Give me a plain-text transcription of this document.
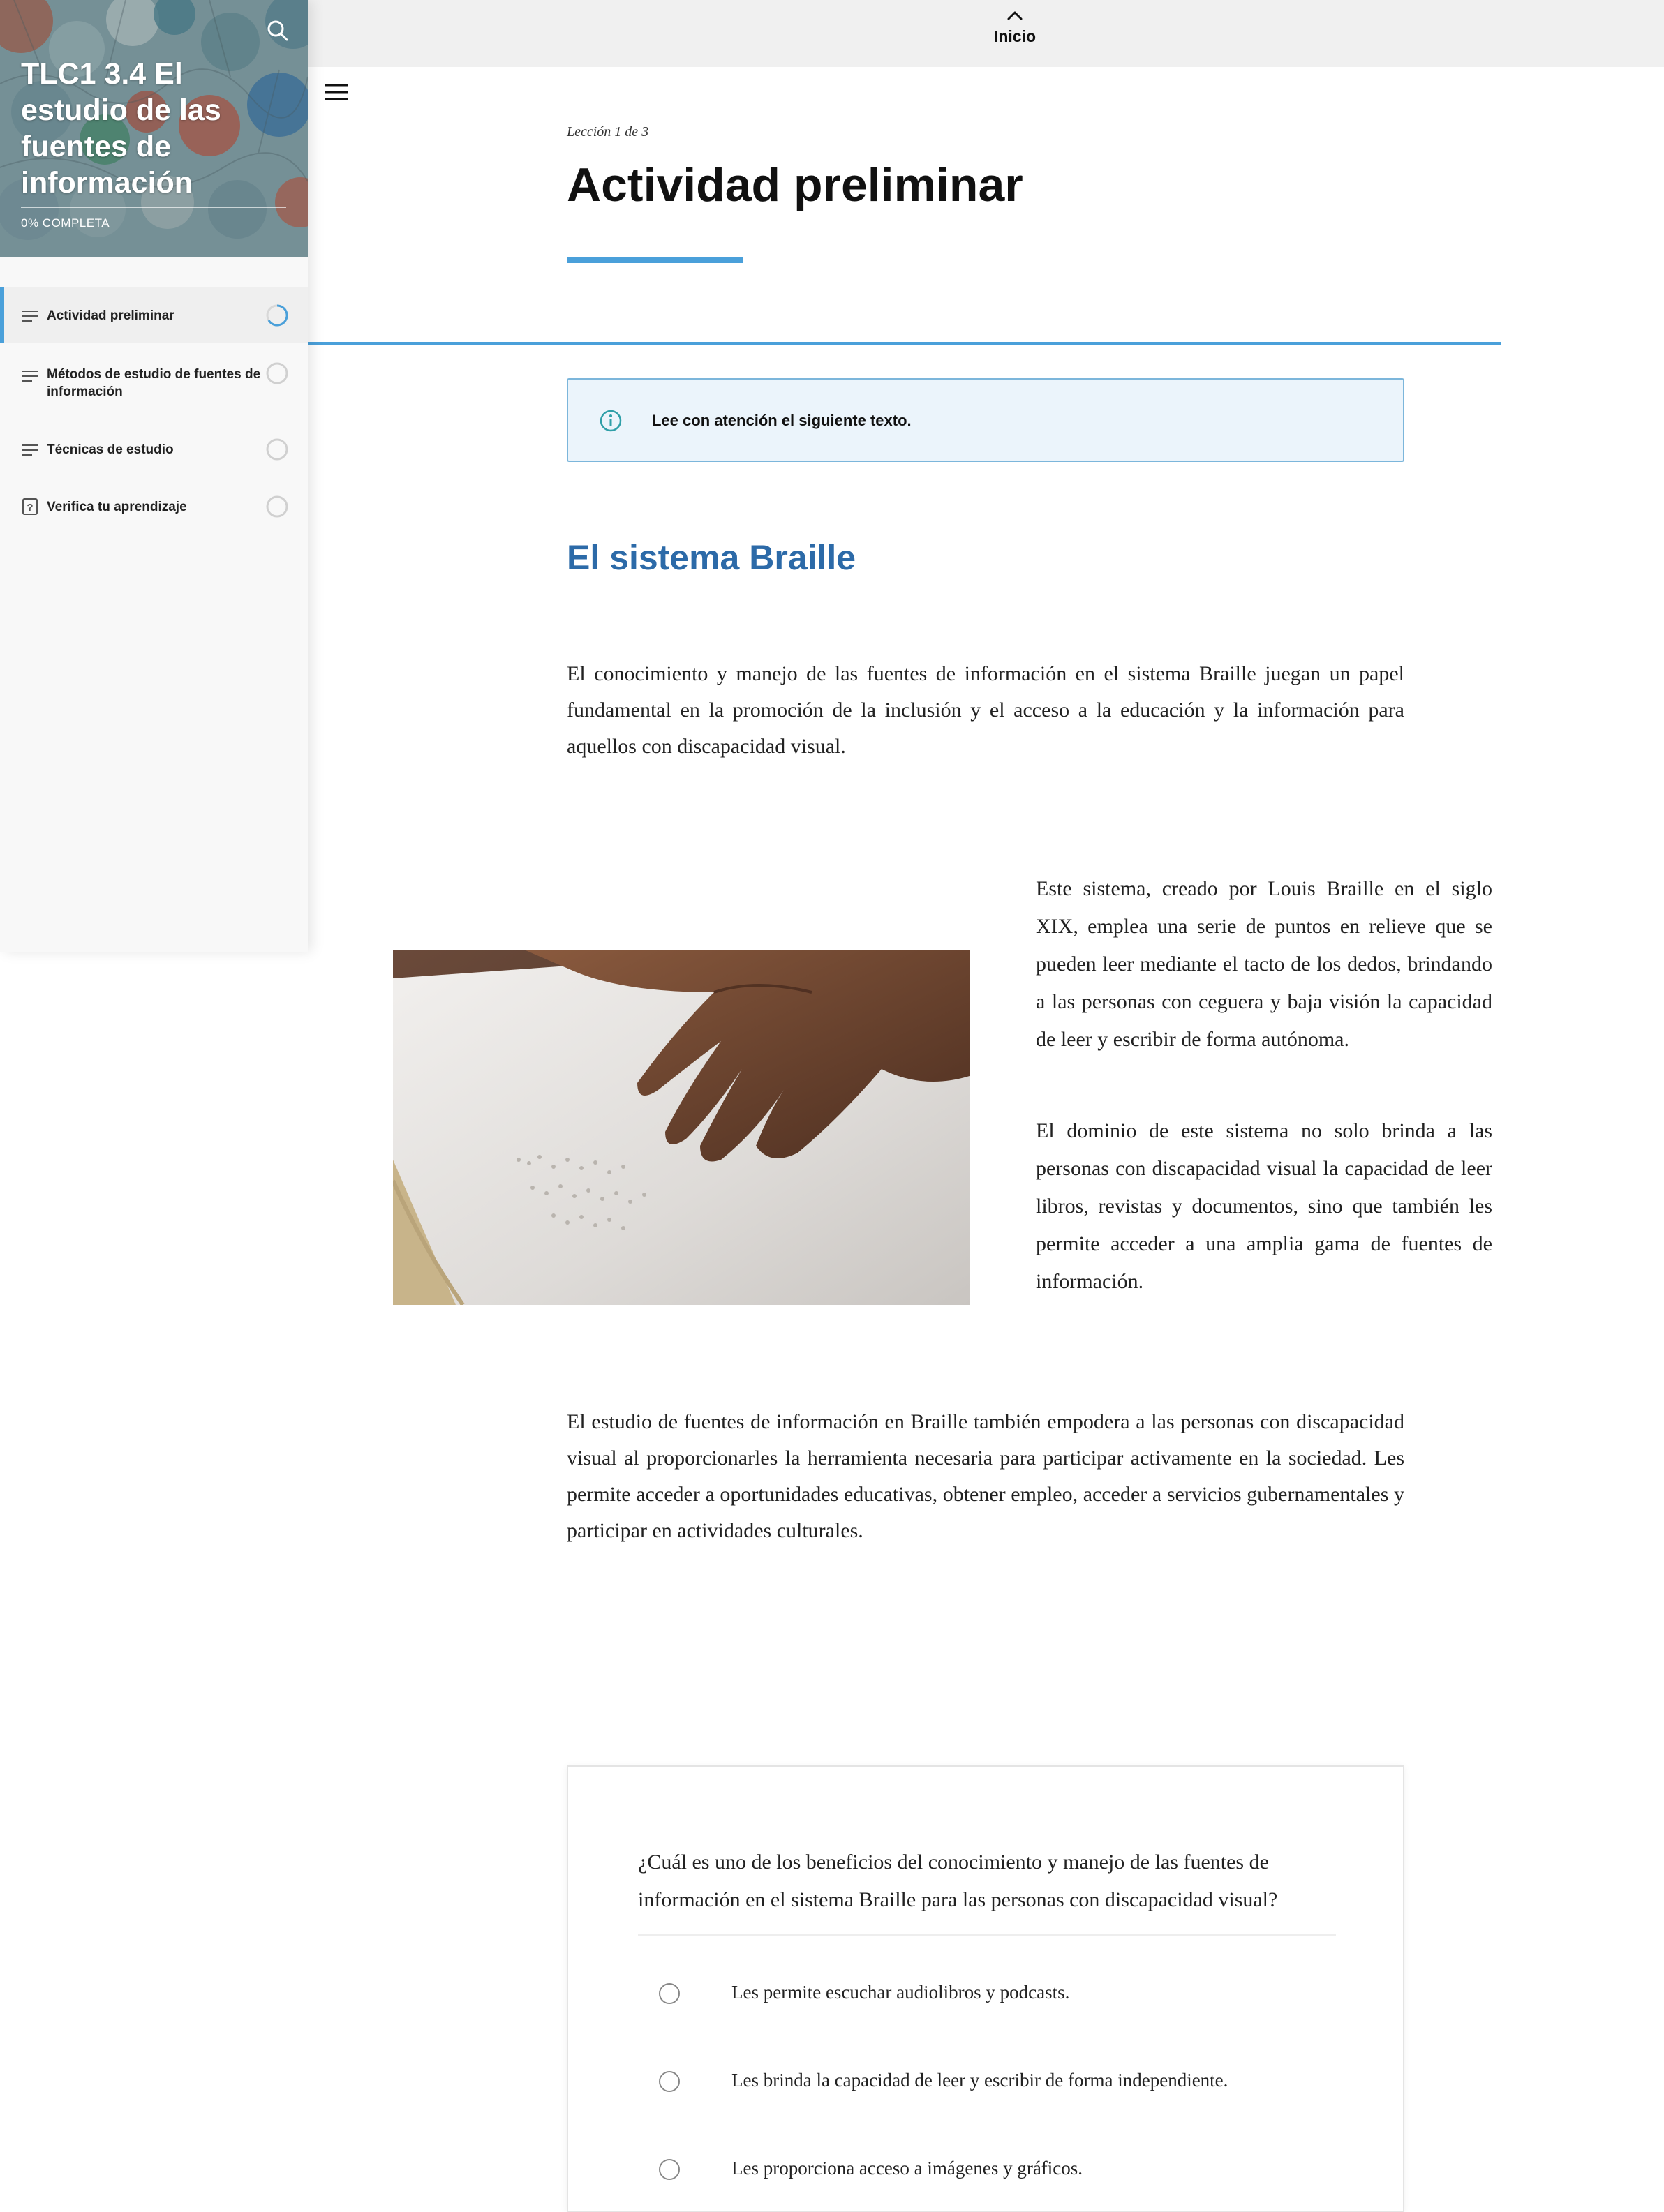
TLC1 3.4 El estudio de las fuentes de información
0% COMPLETA
Actividad preliminar
Métodos de estudio de fuentes de información
Técnicas de estudio
? Verifica tu aprendizaje
Inicio
Lección 1 de 3
Actividad preliminar
Lee con atención el siguiente texto.
El sistema Braille

El conocimiento y manejo de las fuentes de información en el sistema Braille juegan un papel fundamental en la promoción de la inclusión y el acceso a la educación y la información para aquellos con discapacidad visual.

Este sistema, creado por Louis Braille en el siglo XIX, emplea una serie de puntos en relieve que se pueden leer mediante el tacto de los dedos, brindando a las personas con ceguera y baja visión la capacidad de leer y escribir de forma autónoma.

El dominio de este sistema no solo brinda a las personas con discapacidad visual la capacidad de leer libros, revistas y documentos, sino que también les permite acceder a una amplia gama de fuentes de información.

El estudio de fuentes de información en Braille también empodera a las personas con discapacidad visual al proporcionarles la herramienta necesaria para participar activamente en la sociedad. Les permite acceder a oportunidades educativas, obtener empleo, acceder a servicios gubernamentales y participar en actividades culturales.

¿Cuál es uno de los beneficios del conocimiento y manejo de las fuentes de información en el sistema Braille para las personas con discapacidad visual?

Les permite escuchar audiolibros y podcasts.
Les brinda la capacidad de leer y escribir de forma independiente.
Les proporciona acceso a imágenes y gráficos.
